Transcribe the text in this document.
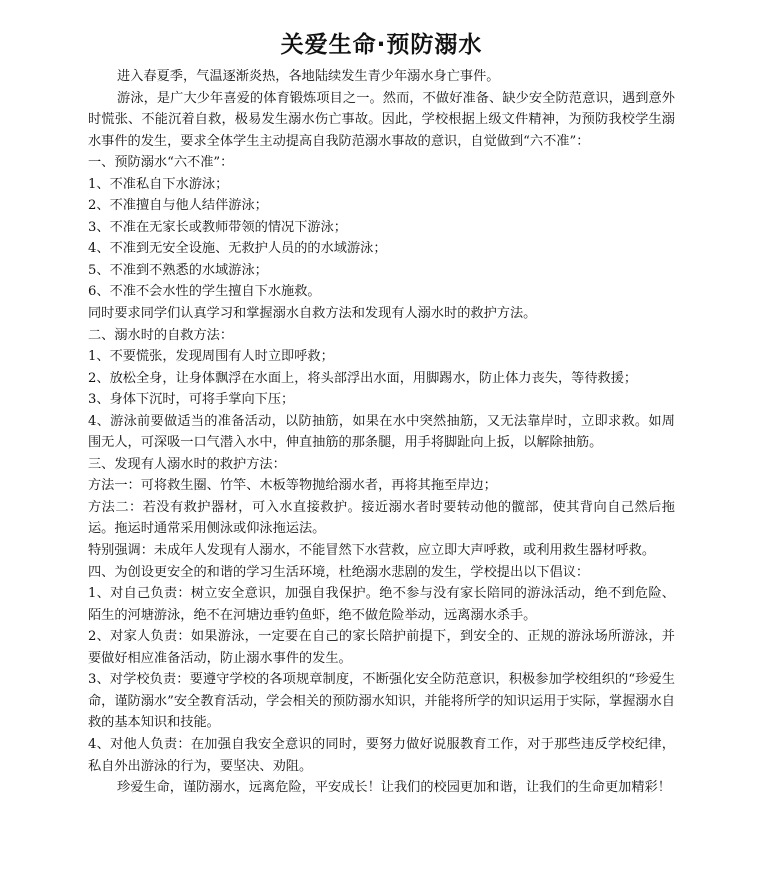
关爱生命·预防溺水

进入春夏季，气温逐渐炎热，各地陆续发生青少年溺水身亡事件。

游泳，是广大少年喜爱的体育锻炼项目之一。然而，不做好准备、缺少安全防范意识，遇到意外时慌张、不能沉着自救，极易发生溺水伤亡事故。因此，学校根据上级文件精神，为预防我校学生溺水事件的发生，要求全体学生主动提高自我防范溺水事故的意识，自觉做到“六不准”：

一、预防溺水“六不准”：

1、不准私自下水游泳；

2、不准擅自与他人结伴游泳；

3、不准在无家长或教师带领的情况下游泳；

4、不准到无安全设施、无救护人员的的水域游泳；

5、不准到不熟悉的水域游泳；

6、不准不会水性的学生擅自下水施救。

同时要求同学们认真学习和掌握溺水自救方法和发现有人溺水时的救护方法。

二、溺水时的自救方法：

1、不要慌张，发现周围有人时立即呼救；

2、放松全身，让身体飘浮在水面上，将头部浮出水面，用脚踢水，防止体力丧失，等待救援；

3、身体下沉时，可将手掌向下压；

4、游泳前要做适当的准备活动，以防抽筋，如果在水中突然抽筋，又无法靠岸时，立即求救。如周围无人，可深吸一口气潜入水中，伸直抽筋的那条腿，用手将脚趾向上扳，以解除抽筋。

三、发现有人溺水时的救护方法：

方法一：可将救生圈、竹竿、木板等物抛给溺水者，再将其拖至岸边；

方法二：若没有救护器材，可入水直接救护。接近溺水者时要转动他的髋部，使其背向自己然后拖运。拖运时通常采用侧泳或仰泳拖运法。

特别强调：未成年人发现有人溺水，不能冒然下水营救，应立即大声呼救，或利用救生器材呼救。

四、为创设更安全的和谐的学习生活环境，杜绝溺水悲剧的发生，学校提出以下倡议：

1、对自己负责：树立安全意识，加强自我保护。绝不参与没有家长陪同的游泳活动，绝不到危险、陌生的河塘游泳，绝不在河塘边垂钓鱼虾，绝不做危险举动，远离溺水杀手。

2、对家人负责：如果游泳，一定要在自己的家长陪护前提下，到安全的、正规的游泳场所游泳，并要做好相应准备活动，防止溺水事件的发生。

3、对学校负责：要遵守学校的各项规章制度，不断强化安全防范意识，积极参加学校组织的“珍爱生命，谨防溺水”安全教育活动，学会相关的预防溺水知识，并能将所学的知识运用于实际，掌握溺水自救的基本知识和技能。

4、对他人负责：在加强自我安全意识的同时，要努力做好说服教育工作，对于那些违反学校纪律，私自外出游泳的行为，要坚决、劝阻。

珍爱生命，谨防溺水，远离危险，平安成长！让我们的校园更加和谐，让我们的生命更加精彩！
